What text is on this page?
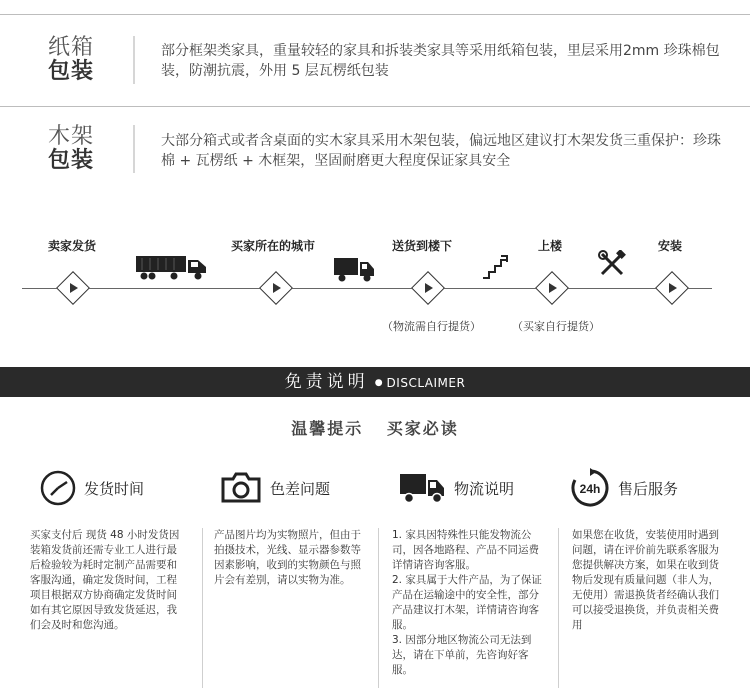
纸箱
包装
部分框架类家具，重量较轻的家具和拆装类家具等采用纸箱包装，里层采用2mm 珍珠棉包装，防潮抗震，外用 5 层瓦楞纸包装
木架
包装
大部分箱式或者含桌面的实木家具采用木架包装，偏远地区建议打木架发货三重保护：珍珠棉 + 瓦楞纸 + 木框架，坚固耐磨更大程度保证家具安全
卖家发货	买家所在的城市	送货到楼下	上楼	安装
（物流需自行提货）	（买家自行提货）
免责说明 ● DISCLAIMER
温馨提示 买家必读
发货时间	色差问题	物流说明	24h 售后服务
买家支付后 现货 48 小时发货因装箱发货前还需专业工人进行最后检验较为耗时定制产品需要和客服沟通，确定发货时间，工程项目根据双方协商确定发货时间如有其它原因导致发货延迟，我们会及时和您沟通。
产品图片均为实物照片，但由于拍摄技术，光线、显示器参数等因素影响，收到的实物颜色与照片会有差别，请以实物为准。
1. 家具因特殊性只能发物流公司，因各地路程、产品不同运费详情请咨询客服。
2. 家具属于大件产品，为了保证产品在运输途中的安全性，部分产品建议打木架，详情请咨询客服。
3. 因部分地区物流公司无法到达，请在下单前，先咨询好客服。
如果您在收货，安装使用时遇到问题，请在评价前先联系客服为您提供解决方案，如果在收到货物后发现有质量问题（非人为，无使用）需退换货者经确认我们可以接受退换货，并负责相关费用
